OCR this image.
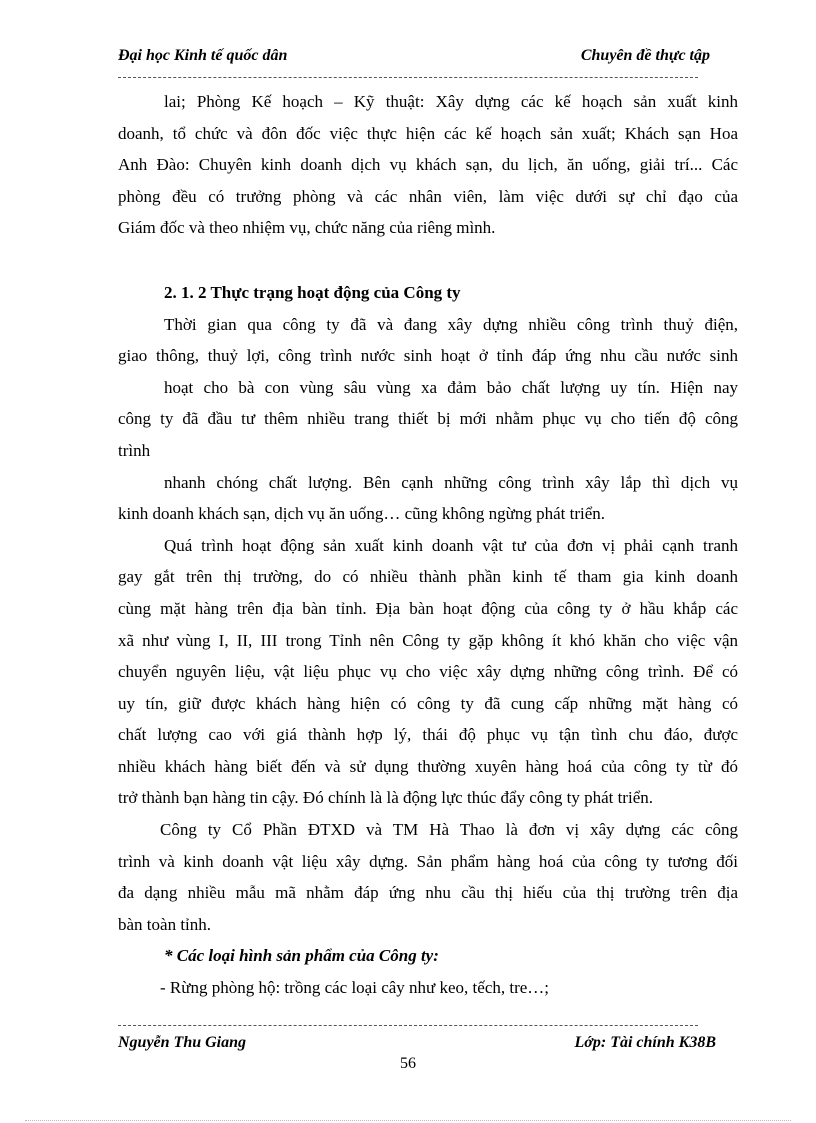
Đại học Kinh tế quốc dân	Chuyên đề thực tập
lai; Phòng Kế hoạch – Kỹ thuật: Xây dựng các kế hoạch sản xuất kinh
doanh, tổ chức và đôn đốc việc thực hiện các kế hoạch sản xuất; Khách sạn Hoa
Anh Đào: Chuyên kinh doanh dịch vụ khách sạn, du lịch, ăn uống, giải trí... Các
phòng đều có trưởng phòng và các nhân viên, làm việc dưới sự chỉ đạo của
Giám đốc và theo nhiệm vụ, chức năng của riêng mình.
2. 1. 2 Thực trạng hoạt động của Công ty
Thời gian qua công ty đã và đang xây dựng nhiều công trình thuỷ điện,
giao thông, thuỷ lợi, công trình nước sinh hoạt ở tỉnh đáp ứng nhu cầu nước sinh
hoạt cho bà con vùng sâu vùng xa đảm bảo chất lượng uy tín. Hiện nay
công ty đã đầu tư thêm nhiều trang thiết bị mới nhằm phục vụ cho tiến độ công
trình
nhanh chóng chất lượng. Bên cạnh những công trình xây lắp thì dịch vụ
kinh doanh khách sạn, dịch vụ ăn uống… cũng không ngừng phát triển.
Quá trình hoạt động sản xuất kinh doanh vật tư của đơn vị phải cạnh tranh
gay gắt trên thị trường, do có nhiều thành phần kinh tế tham gia kinh doanh
cùng mặt hàng trên địa bàn tỉnh. Địa bàn hoạt động của công ty ở hầu khắp các
xã như vùng I, II, III trong Tỉnh nên Công ty gặp không ít khó khăn cho việc vận
chuyển nguyên liệu, vật liệu phục vụ cho việc xây dựng những công trình. Để có
uy tín, giữ được khách hàng hiện có công ty đã cung cấp những mặt hàng có
chất lượng cao với giá thành hợp lý, thái độ phục vụ tận tình chu đáo, được
nhiều khách hàng biết đến và sử dụng thường xuyên hàng hoá của công ty từ đó
trở thành bạn hàng tin cậy. Đó chính là là động lực thúc đẩy công ty phát triển.
Công ty Cổ Phần ĐTXD và TM Hà Thao là đơn vị xây dựng các công
trình và kinh doanh vật liệu xây dựng. Sản phẩm hàng hoá của công ty tương đối
đa dạng nhiều mẫu mã nhằm đáp ứng nhu cầu thị hiếu của thị trường trên địa
bàn toàn tỉnh.
* Các loại hình sản phẩm của Công ty:
- Rừng phòng hộ: trồng các loại cây như keo, tếch, tre…;
Nguyễn Thu Giang	Lớp: Tài chính K38B
56
